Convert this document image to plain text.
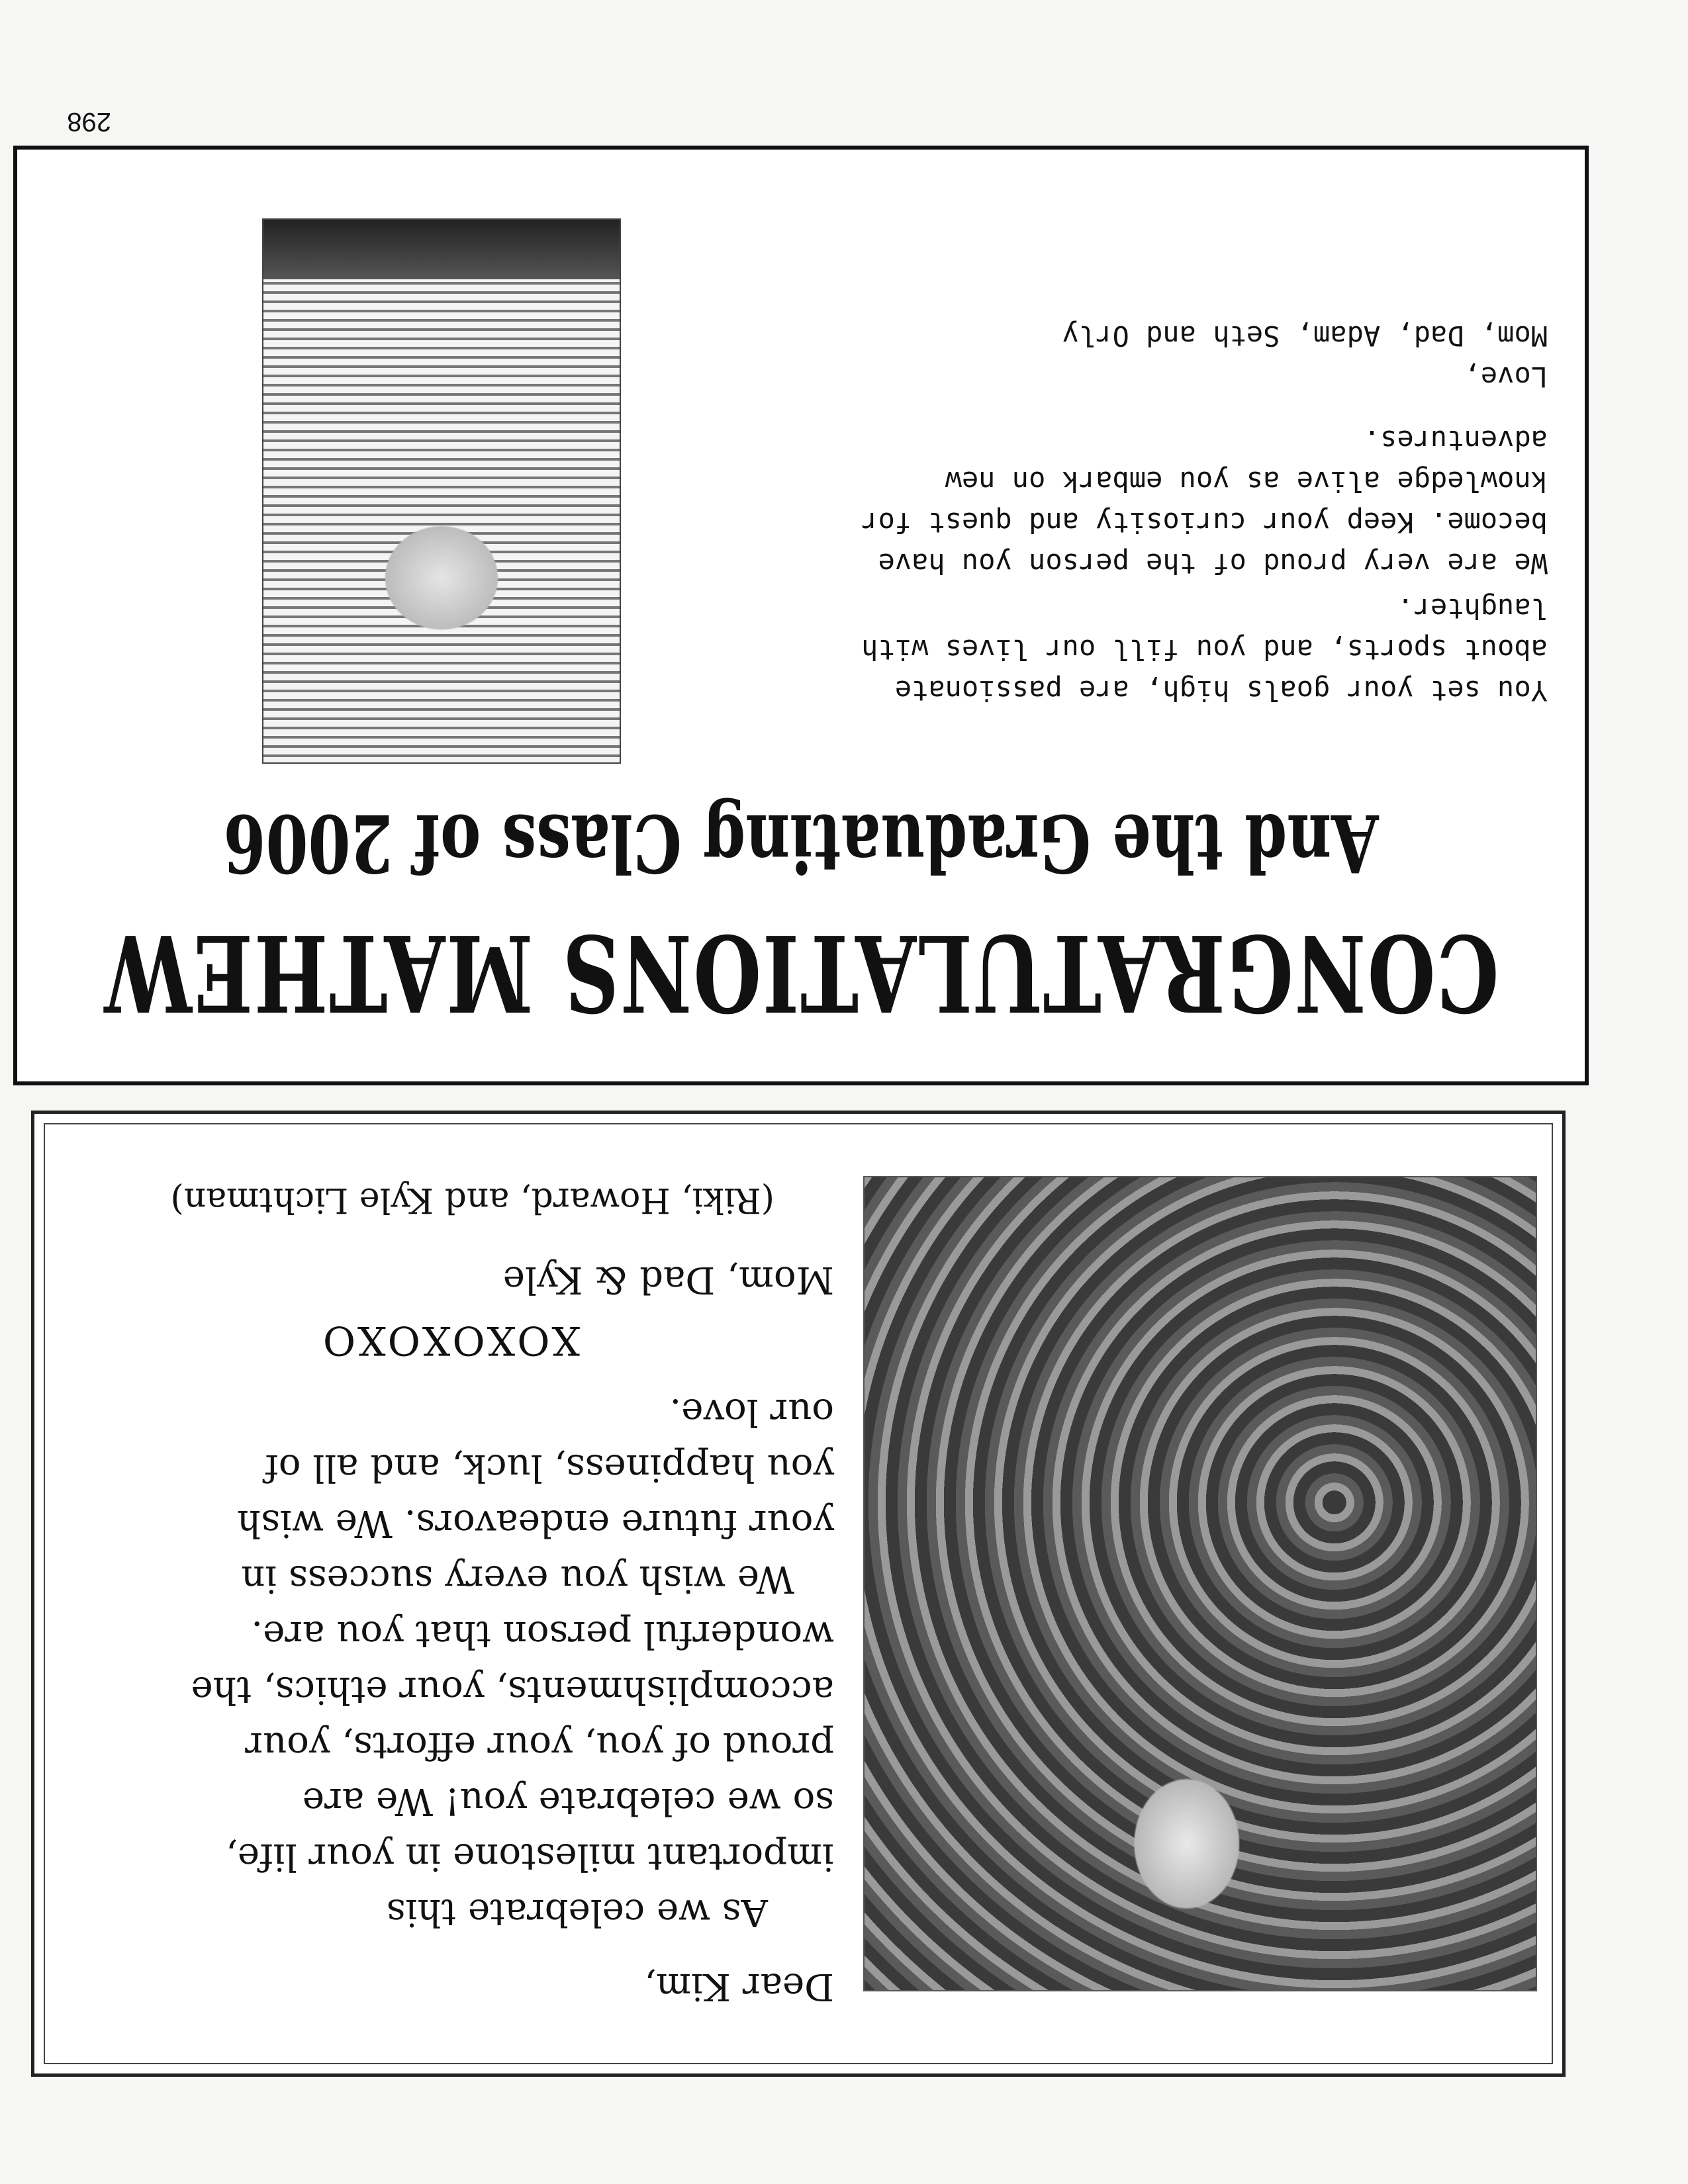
298
Dear Kim,
As we celebrate this
important milestone in your life,
so we celebrate you! We are
proud of you, your efforts, your
accomplishments, your ethics, the
wonderful person that you are.
We wish you every success in
your future endeavors. We wish
you happiness, luck, and all of
our love.
XOXOXOXO
Mom, Dad & Kyle
(Riki, Howard, and Kyle Lichtman)
CONGRATULATIONS MATHEW
And the Graduating Class of 2006
You set your goals high, are passionate
about sports, and you fill our lives with
laughter.
We are very proud of the person you have
become. Keep your curiosity and quest for
knowledge alive as you embark on new
adventures.
Love,
Mom, Dad, Adam, Seth and Orly
